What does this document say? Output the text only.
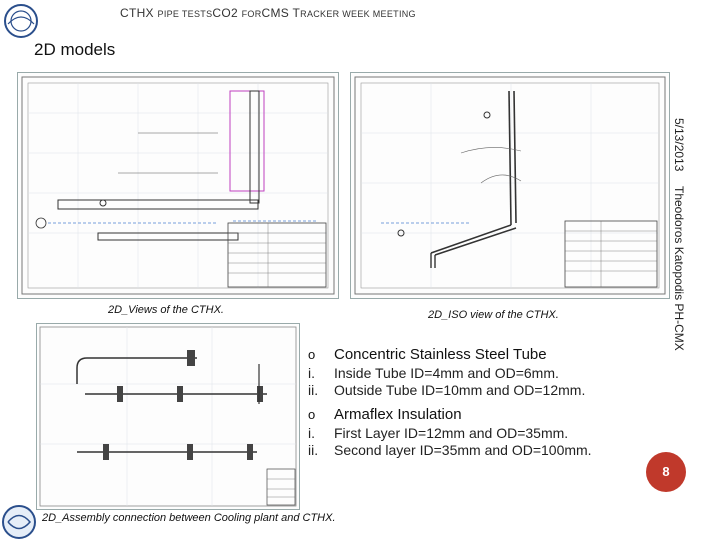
CTHX PIPE TESTSCO2 FORCMS TRACKER WEEK MEETING
2D models
2D_Views of the CTHX.	2D_ISO view of the CTHX.
5/13/2013
Theodoros Katopodis PH-CMX
2D_Assembly connection between Cooling plant and CTHX.
o Concentric Stainless Steel Tube
i. Inside Tube ID=4mm and OD=6mm.
ii. Outside Tube ID=10mm and OD=12mm.
o Armaflex Insulation
i. First Layer ID=12mm and OD=35mm.
ii. Second layer ID=35mm and OD=100mm.
8
